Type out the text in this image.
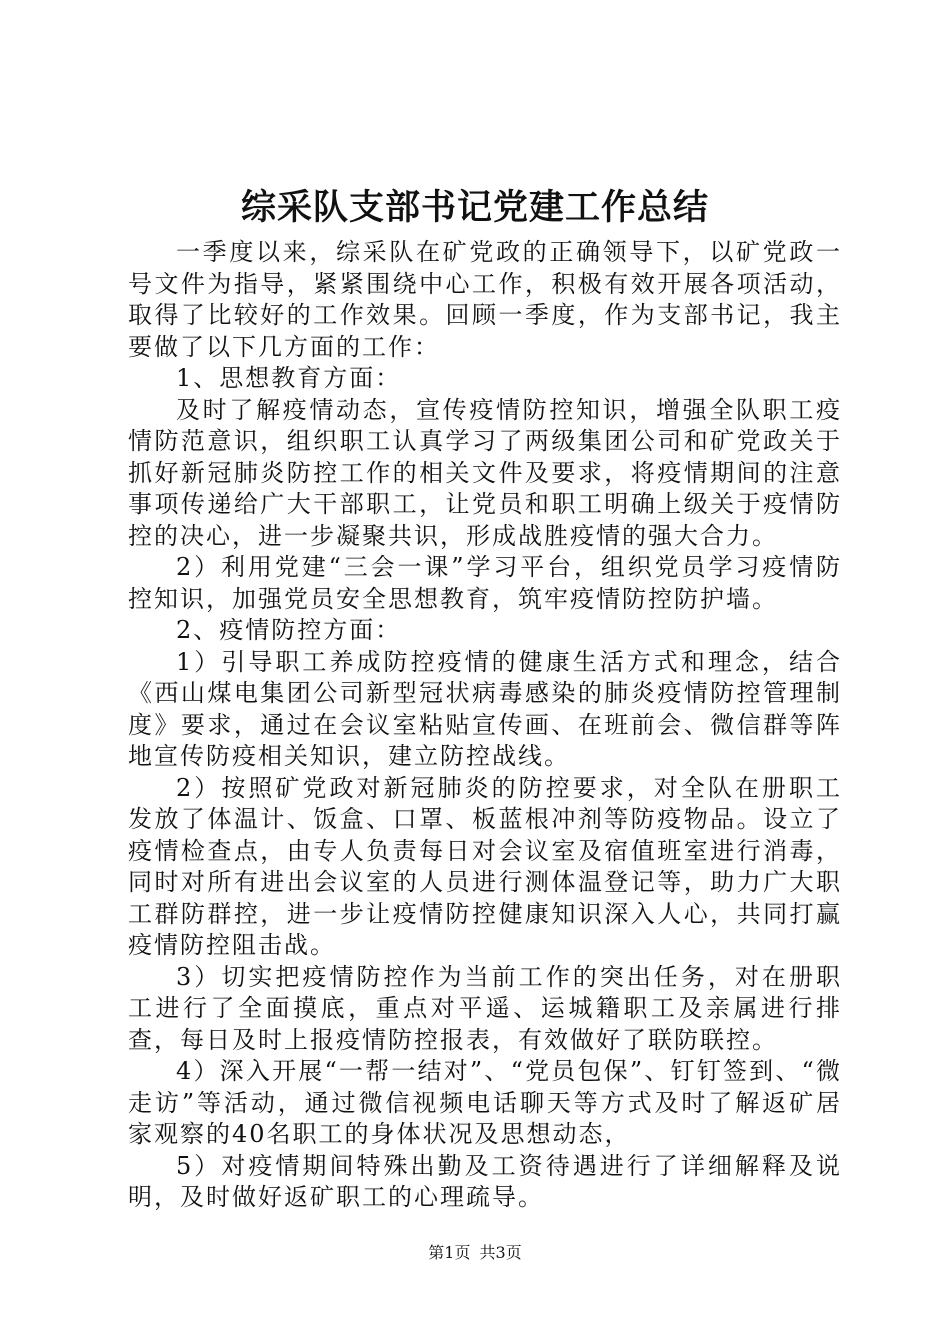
综采队支部书记党建工作总结

一季度以来，综采队在矿党政的正确领导下，以矿党政一号文件为指导，紧紧围绕中心工作，积极有效开展各项活动，取得了比较好的工作效果。回顾一季度，作为支部书记，我主要做了以下几方面的工作：

1、思想教育方面：

及时了解疫情动态，宣传疫情防控知识，增强全队职工疫情防范意识，组织职工认真学习了两级集团公司和矿党政关于抓好新冠肺炎防控工作的相关文件及要求，将疫情期间的注意事项传递给广大干部职工，让党员和职工明确上级关于疫情防控的决心，进一步凝聚共识，形成战胜疫情的强大合力。

2）利用党建“三会一课”学习平台，组织党员学习疫情防控知识，加强党员安全思想教育，筑牢疫情防控防护墙。

2、疫情防控方面：

1）引导职工养成防控疫情的健康生活方式和理念，结合《西山煤电集团公司新型冠状病毒感染的肺炎疫情防控管理制度》要求，通过在会议室粘贴宣传画、在班前会、微信群等阵地宣传防疫相关知识，建立防控战线。

2）按照矿党政对新冠肺炎的防控要求，对全队在册职工发放了体温计、饭盒、口罩、板蓝根冲剂等防疫物品。设立了疫情检查点，由专人负责每日对会议室及宿值班室进行消毒，同时对所有进出会议室的人员进行测体温登记等，助力广大职工群防群控，进一步让疫情防控健康知识深入人心，共同打赢疫情防控阻击战。

3）切实把疫情防控作为当前工作的突出任务，对在册职工进行了全面摸底，重点对平遥、运城籍职工及亲属进行排查，每日及时上报疫情防控报表，有效做好了联防联控。

4）深入开展“一帮一结对”、“党员包保”、钉钉签到、“微走访”等活动，通过微信视频电话聊天等方式及时了解返矿居家观察的40名职工的身体状况及思想动态，

5）对疫情期间特殊出勤及工资待遇进行了详细解释及说明，及时做好返矿职工的心理疏导。

第1页 共3页
